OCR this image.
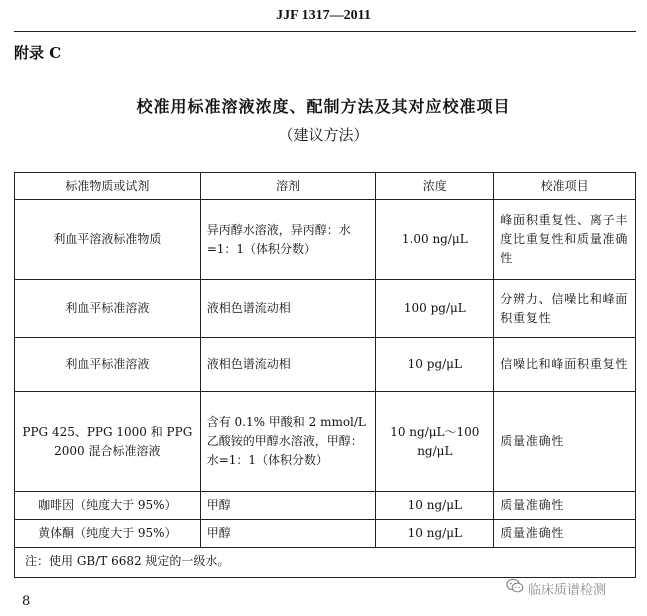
JJF 1317—2011
附录 C
校准用标准溶液浓度、配制方法及其对应校准项目
（建议方法）
标准物质或试剂	溶剂	浓度	校准项目
利血平溶液标准物质	异丙醇水溶液，异丙醇：水=1：1（体积分数）	1.00 ng/μL	峰面积重复性、离子丰度比重复性和质量准确性
利血平标准溶液	液相色谱流动相	100 pg/μL	分辨力、信噪比和峰面积重复性
利血平标准溶液	液相色谱流动相	10 pg/μL	信噪比和峰面积重复性
PPG 425、PPG 1000 和 PPG 2000 混合标准溶液	含有 0.1% 甲酸和 2 mmol/L 乙酸铵的甲醇水溶液，甲醇：水=1：1（体积分数）	10 ng/μL～100 ng/μL	质量准确性
咖啡因（纯度大于 95%）	甲醇	10 ng/μL	质量准确性
黄体酮（纯度大于 95%）	甲醇	10 ng/μL	质量准确性
注：使用 GB/T 6682 规定的一级水。			
8
临床质谱检测
